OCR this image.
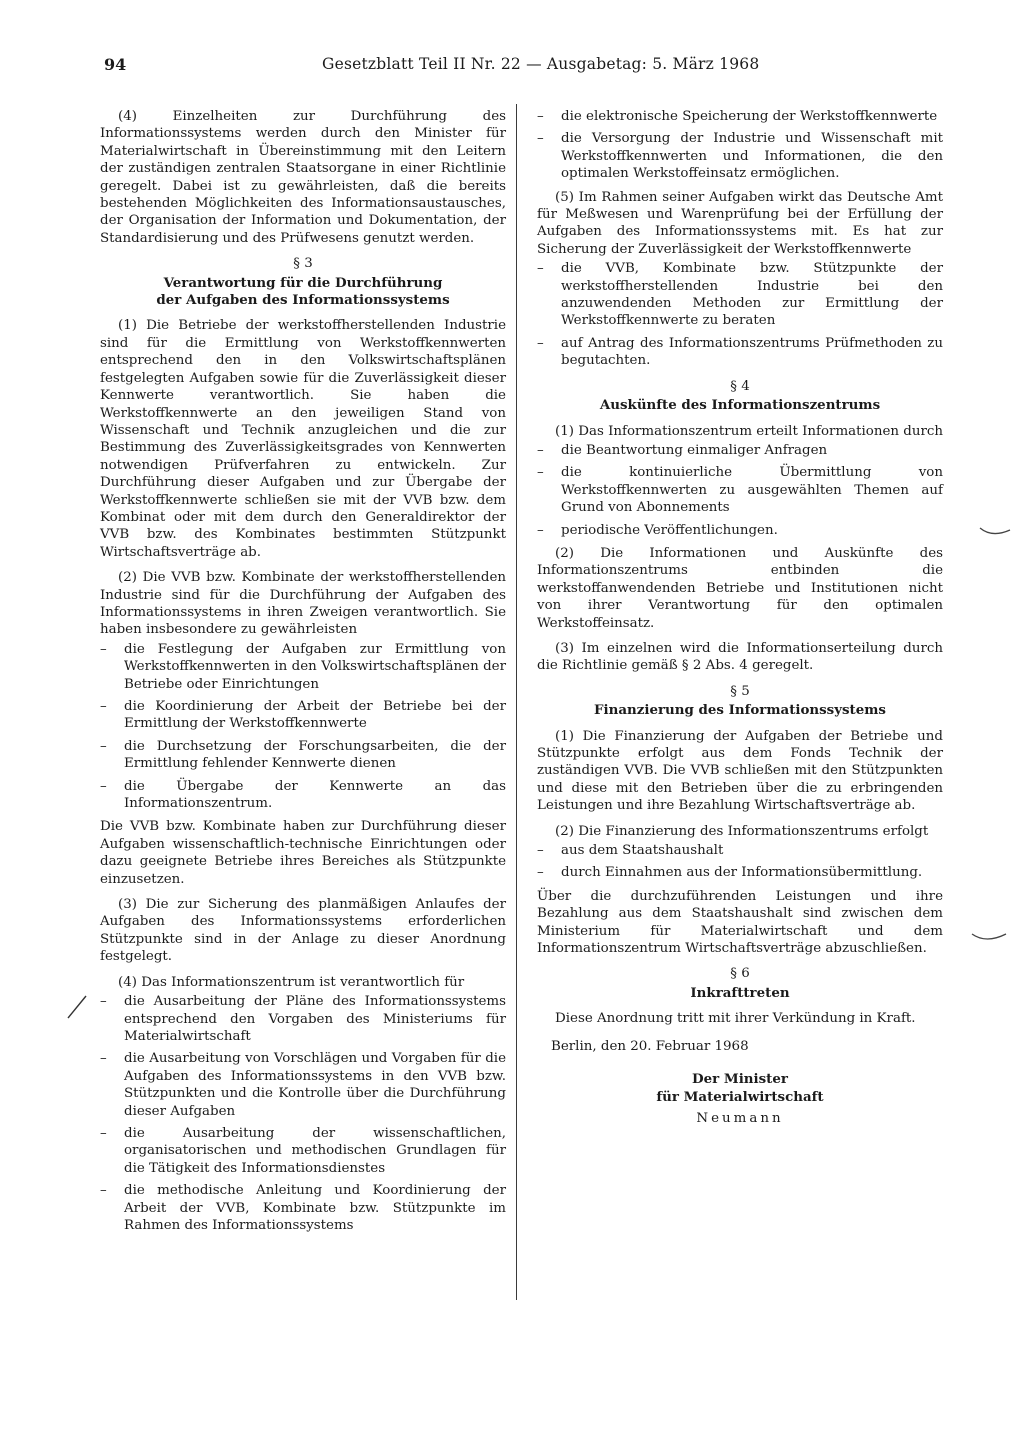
94	Gesetzblatt Teil II Nr. 22 — Ausgabetag: 5. März 1968

(4) Einzelheiten zur Durchführung des Informationssystems werden durch den Minister für Materialwirtschaft in Übereinstimmung mit den Leitern der zuständigen zentralen Staatsorgane in einer Richtlinie geregelt. Dabei ist zu gewährleisten, daß die bereits bestehenden Möglichkeiten des Informationsaustausches, der Organisation der Information und Dokumentation, der Standardisierung und des Prüfwesens genutzt werden.

§ 3
Verantwortung für die Durchführung
der Aufgaben des Informationssystems

(1) Die Betriebe der werkstoffherstellenden Industrie sind für die Ermittlung von Werkstoffkennwerten entsprechend den in den Volkswirtschaftsplänen festgelegten Aufgaben sowie für die Zuverlässigkeit dieser Kennwerte verantwortlich. Sie haben die Werkstoffkennwerte an den jeweiligen Stand von Wissenschaft und Technik anzugleichen und die zur Bestimmung des Zuverlässigkeitsgrades von Kennwerten notwendigen Prüfverfahren zu entwickeln. Zur Durchführung dieser Aufgaben und zur Übergabe der Werkstoffkennwerte schließen sie mit der VVB bzw. dem Kombinat oder mit dem durch den Generaldirektor der VVB bzw. des Kombinates bestimmten Stützpunkt Wirtschaftsverträge ab.

(2) Die VVB bzw. Kombinate der werkstoffherstellenden Industrie sind für die Durchführung der Aufgaben des Informationssystems in ihren Zweigen verantwortlich. Sie haben insbesondere zu gewährleisten

– die Festlegung der Aufgaben zur Ermittlung von Werkstoffkennwerten in den Volkswirtschaftsplänen der Betriebe oder Einrichtungen
– die Koordinierung der Arbeit der Betriebe bei der Ermittlung der Werkstoffkennwerte
– die Durchsetzung der Forschungsarbeiten, die der Ermittlung fehlender Kennwerte dienen
– die Übergabe der Kennwerte an das Informationszentrum.

Die VVB bzw. Kombinate haben zur Durchführung dieser Aufgaben wissenschaftlich-technische Einrichtungen oder dazu geeignete Betriebe ihres Bereiches als Stützpunkte einzusetzen.

(3) Die zur Sicherung des planmäßigen Anlaufes der Aufgaben des Informationssystems erforderlichen Stützpunkte sind in der Anlage zu dieser Anordnung festgelegt.

(4) Das Informationszentrum ist verantwortlich für

– die Ausarbeitung der Pläne des Informationssystems entsprechend den Vorgaben des Ministeriums für Materialwirtschaft
– die Ausarbeitung von Vorschlägen und Vorgaben für die Aufgaben des Informationssystems in den VVB bzw. Stützpunkten und die Kontrolle über die Durchführung dieser Aufgaben
– die Ausarbeitung der wissenschaftlichen, organisatorischen und methodischen Grundlagen für die Tätigkeit des Informationsdienstes
– die methodische Anleitung und Koordinierung der Arbeit der VVB, Kombinate bzw. Stützpunkte im Rahmen des Informationssystems
– die elektronische Speicherung der Werkstoffkennwerte
– die Versorgung der Industrie und Wissenschaft mit Werkstoffkennwerten und Informationen, die den optimalen Werkstoffeinsatz ermöglichen.

(5) Im Rahmen seiner Aufgaben wirkt das Deutsche Amt für Meßwesen und Warenprüfung bei der Erfüllung der Aufgaben des Informationssystems mit. Es hat zur Sicherung der Zuverlässigkeit der Werkstoffkennwerte

– die VVB, Kombinate bzw. Stützpunkte der werkstoffherstellenden Industrie bei den anzuwendenden Methoden zur Ermittlung der Werkstoffkennwerte zu beraten
– auf Antrag des Informationszentrums Prüfmethoden zu begutachten.
§ 4
Auskünfte des Informationszentrums

(1) Das Informationszentrum erteilt Informationen durch

– die Beantwortung einmaliger Anfragen
– die kontinuierliche Übermittlung von Werkstoffkennwerten zu ausgewählten Themen auf Grund von Abonnements
– periodische Veröffentlichungen.

(2) Die Informationen und Auskünfte des Informationszentrums entbinden die werkstoffanwendenden Betriebe und Institutionen nicht von ihrer Verantwortung für den optimalen Werkstoffeinsatz.

(3) Im einzelnen wird die Informationserteilung durch die Richtlinie gemäß § 2 Abs. 4 geregelt.

§ 5
Finanzierung des Informationssystems

(1) Die Finanzierung der Aufgaben der Betriebe und Stützpunkte erfolgt aus dem Fonds Technik der zuständigen VVB. Die VVB schließen mit den Stützpunkten und diese mit den Betrieben über die zu erbringenden Leistungen und ihre Bezahlung Wirtschaftsverträge ab.

(2) Die Finanzierung des Informationszentrums erfolgt

– aus dem Staatshaushalt
– durch Einnahmen aus der Informationsübermittlung.

Über die durchzuführenden Leistungen und ihre Bezahlung aus dem Staatshaushalt sind zwischen dem Ministerium für Materialwirtschaft und dem Informationszentrum Wirtschaftsverträge abzuschließen.

§ 6
Inkrafttreten

Diese Anordnung tritt mit ihrer Verkündung in Kraft.

Berlin, den 20. Februar 1968

Der Minister
für Materialwirtschaft
Neumann
